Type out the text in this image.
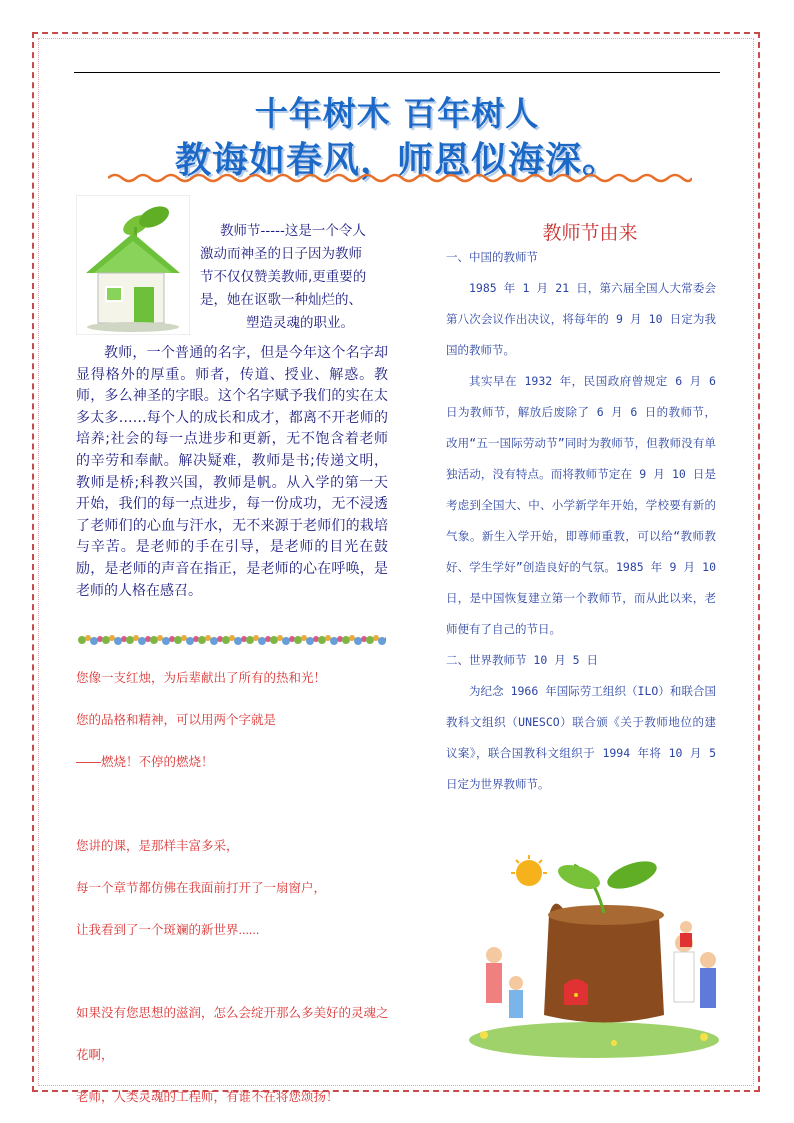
十年树木 百年树人
教诲如春风，师恩似海深。

教师节-----这是一个令人

激动而神圣的日子因为教师
节不仅仅赞美教师,更重要的
是，她在讴歌一种灿烂的、
塑造灵魂的职业。

教师，一个普通的名字，但是今年这个名字却显得格外的厚重。师者，传道、授业、解惑。教师，多么神圣的字眼。这个名字赋予我们的实在太多太多……每个人的成长和成才，都离不开老师的培养;社会的每一点进步和更新，无不饱含着老师的辛劳和奉献。解决疑难，教师是书;传递文明，教师是桥;科教兴国，教师是帆。从入学的第一天开始，我们的每一点进步，每一份成功，无不浸透了老师们的心血与汗水，无不来源于老师们的栽培与辛苦。是老师的手在引导，是老师的目光在鼓励，是老师的声音在指正，是老师的心在呼唤，是老师的人格在感召。

您像一支红烛，为后辈献出了所有的热和光！
您的品格和精神，可以用两个字就是
——燃烧！不停的燃烧！
您讲的课，是那样丰富多采，
每一个章节都仿佛在我面前打开了一扇窗户，
让我看到了一个斑斓的新世界......
如果没有您思想的滋润，怎么会绽开那么多美好的灵魂之
花啊，
老师，人类灵魂的工程师，有谁不在将您颂扬！
教师节由来

一、中国的教师节

1985 年 1 月 21 日，第六届全国人大常委会第八次会议作出决议，将每年的 9 月 10 日定为我国的教师节。

其实早在 1932 年，民国政府曾规定 6 月 6 日为教师节，解放后废除了 6 月 6 日的教师节，改用“五一国际劳动节”同时为教师节，但教师没有单独活动，没有特点。而将教师节定在 9 月 10 日是考虑到全国大、中、小学新学年开始，学校要有新的气象。新生入学开始，即尊师重教，可以给“教师教好、学生学好”创造良好的气氛。1985 年 9 月 10 日，是中国恢复建立第一个教师节，而从此以来，老师便有了自己的节日。

二、世界教师节 10 月 5 日

为纪念 1966 年国际劳工组织（ILO）和联合国教科文组织（UNESCO）联合颁《关于教师地位的建议案》，联合国教科文组织于 1994 年将 10 月 5 日定为世界教师节。
